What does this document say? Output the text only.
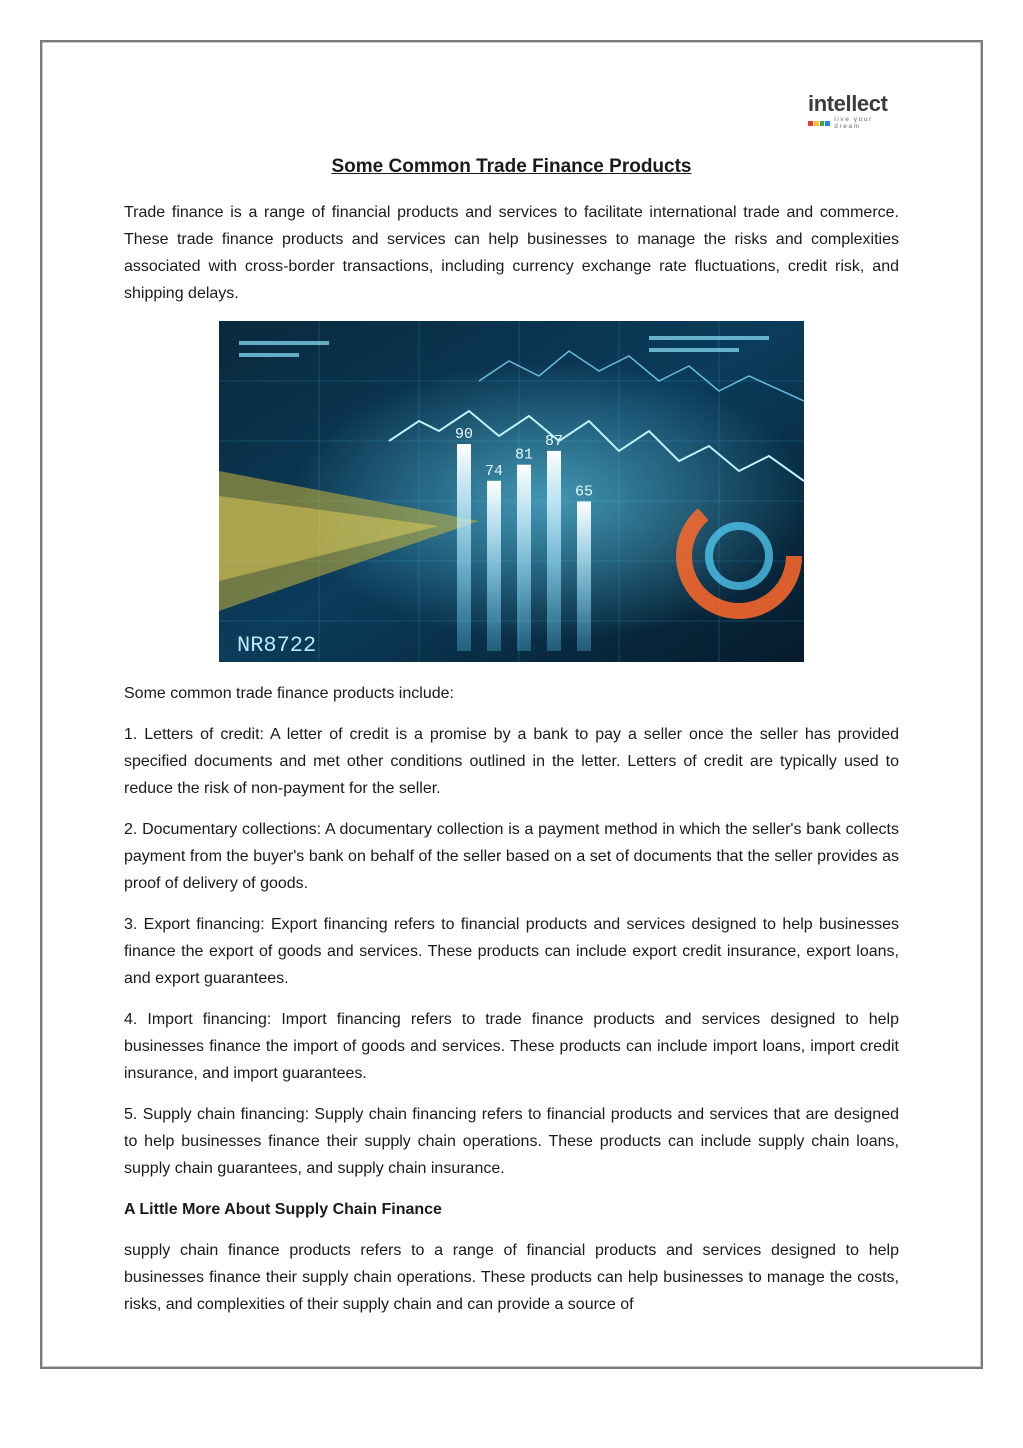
intellect
live your dream
Some Common Trade Finance Products

Trade finance is a range of financial products and services to facilitate international trade and commerce. These trade finance products and services can help businesses to manage the risks and complexities associated with cross-border transactions, including currency exchange rate fluctuations, credit risk, and shipping delays.

90
74
81
87
65
NR8722

Some common trade finance products include:

1. Letters of credit: A letter of credit is a promise by a bank to pay a seller once the seller has provided specified documents and met other conditions outlined in the letter. Letters of credit are typically used to reduce the risk of non-payment for the seller.

2. Documentary collections: A documentary collection is a payment method in which the seller's bank collects payment from the buyer's bank on behalf of the seller based on a set of documents that the seller provides as proof of delivery of goods.

3. Export financing: Export financing refers to financial products and services designed to help businesses finance the export of goods and services. These products can include export credit insurance, export loans, and export guarantees.

4. Import financing: Import financing refers to trade finance products and services designed to help businesses finance the import of goods and services. These products can include import loans, import credit insurance, and import guarantees.

5. Supply chain financing: Supply chain financing refers to financial products and services that are designed to help businesses finance their supply chain operations. These products can include supply chain loans, supply chain guarantees, and supply chain insurance.

A Little More About Supply Chain Finance

supply chain finance products refers to a range of financial products and services designed to help businesses finance their supply chain operations. These products can help businesses to manage the costs, risks, and complexities of their supply chain and can provide a source of
